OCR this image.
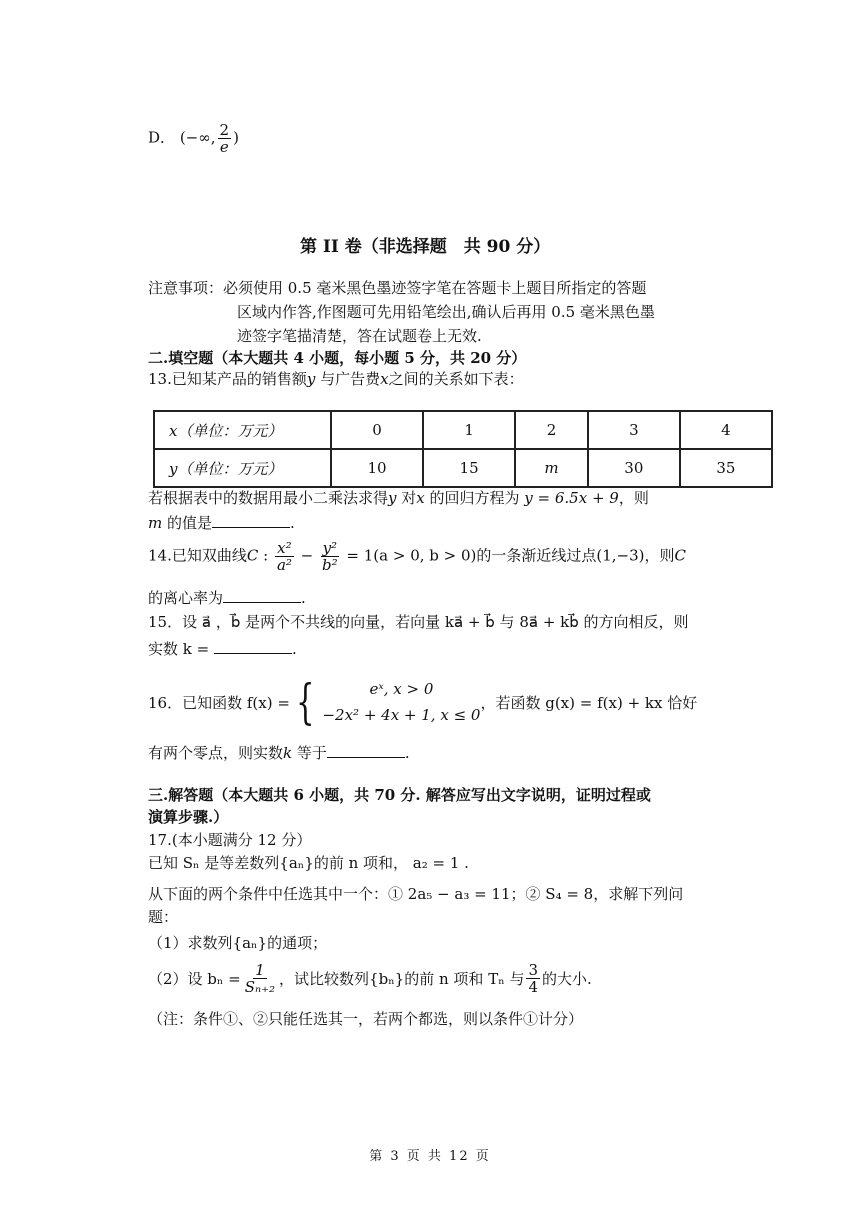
D． (−∞, $\frac{2}{e}$ )
第 II 卷（非选择题　共 90 分）
注意事项：必须使用 0.5 毫米黑色墨迹签字笔在答题卡上题目所指定的答题
区域内作答,作图题可先用铅笔绘出,确认后再用 0.5 毫米黑色墨
迹签字笔描清楚，答在试题卷上无效.
二.填空题（本大题共 4 小题，每小题 5 分，共 20 分）
13.已知某产品的销售额y 与广告费x之间的关系如下表：
x（单位：万元）	0	1	2	3	4
y（单位：万元）	10	15	m	30	35
若根据表中的数据用最小二乘法求得y 对x 的回归方程为 y = 6.5x + 9，则
m 的值是	.
14.已知双曲线C : $\frac{\text{x²}}{\text{a²}} - \frac{\text{y²}}{\text{b²}} = 1(a > 0$, b > 0)的一条渐近线过点(1,−3)，则C
的离心率为	.
15．设 a⃗ ，b⃗ 是两个不共线的向量，若向量 ka⃗ + b⃗ 与 8a⃗ + kb⃗ 的方向相反，则
实数 k =	.
16．已知函数 f(x) = {	eˣ, x > 0
−2x² + 4x + 1, x ≤ 0
，若函数 g(x) = f(x) + kx 恰好
有两个零点，则实数k 等于	.
三.解答题（本大题共 6 小题，共 70 分. 解答应写出文字说明，证明过程或
演算步骤.）
17.(本小题满分 12 分）
已知 Sₙ 是等差数列{aₙ}的前 n 项和， a₂ = 1 .
从下面的两个条件中任选其中一个：① 2a₅ − a₃ = 11；② S₄ = 8，求解下列问
题：
（1）求数列{aₙ}的通项；
（2）设 $b_n = \frac{1}{\text{Sₙ₊₂}}$ ，试比较数列{bₙ}的前 n 项和 Tₙ 与 $\frac{3}{4}$ 的大小.
（注：条件①、②只能任选其一，若两个都选，则以条件①计分）
第 3 页 共 12 页
